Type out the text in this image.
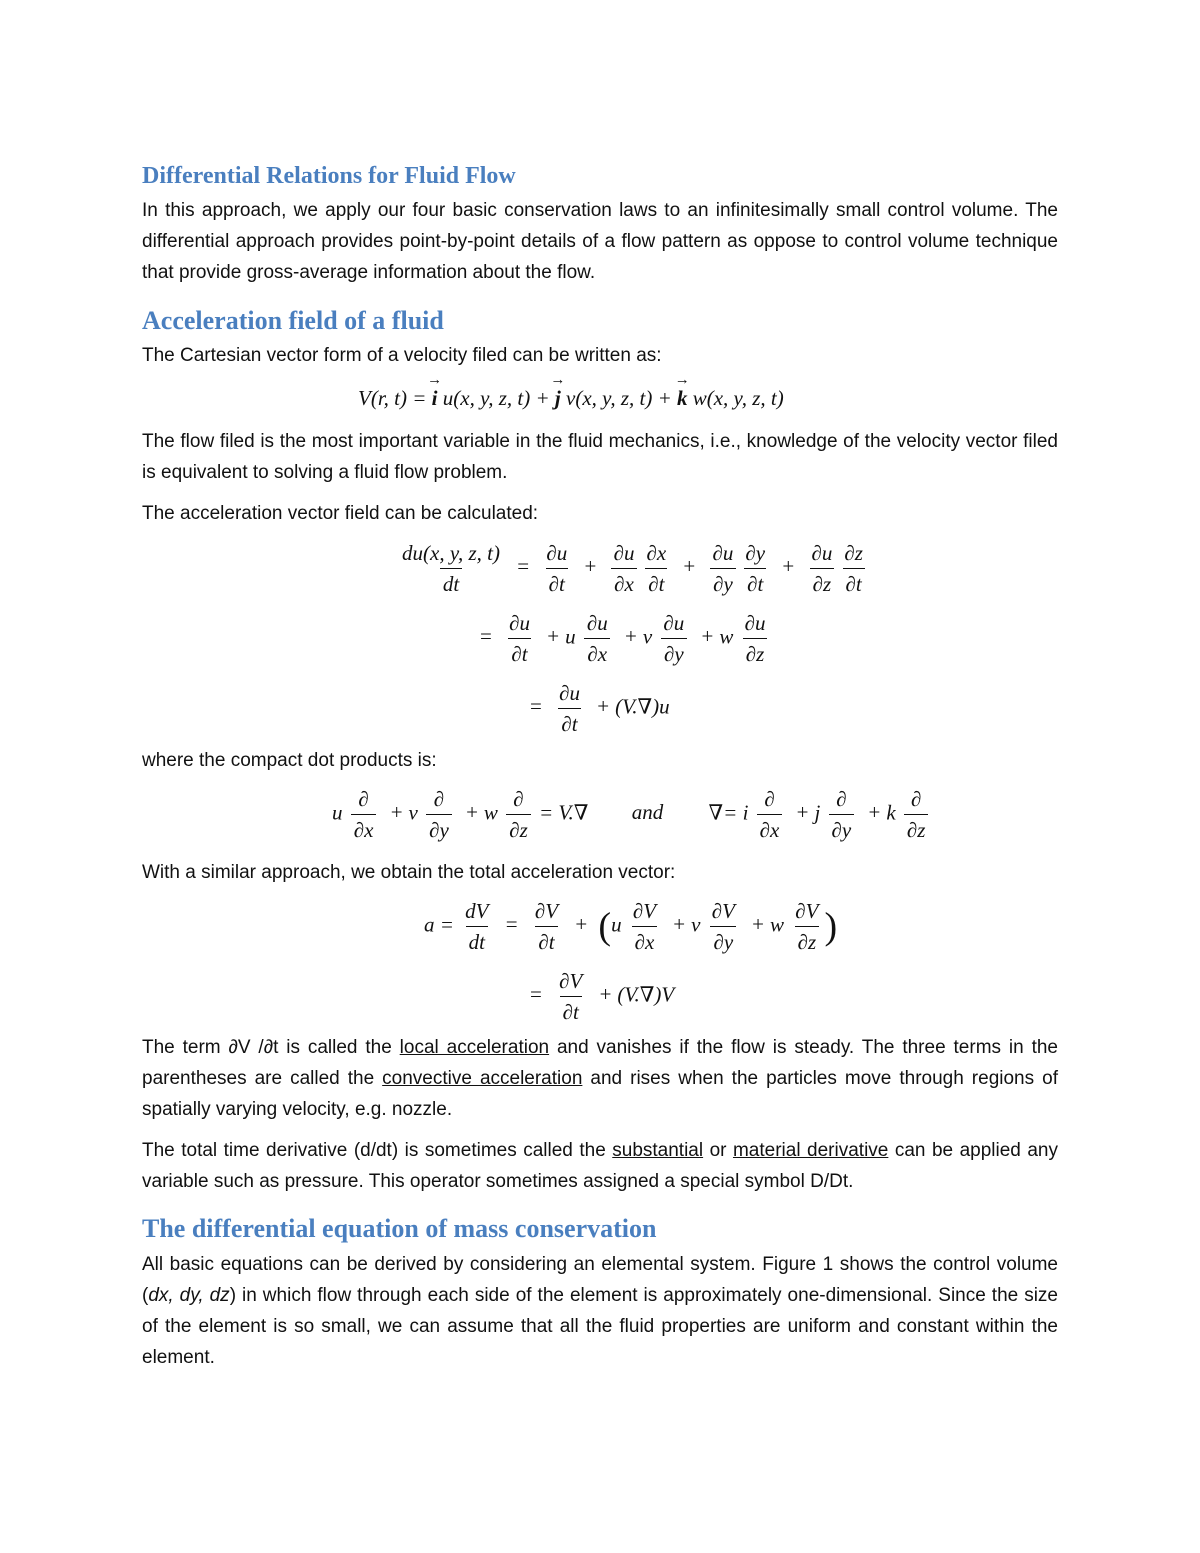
Differential Relations for Fluid Flow

In this approach, we apply our four basic conservation laws to an infinitesimally small control volume. The differential approach provides point-by-point details of a flow pattern as oppose to control volume technique that provide gross-average information about the flow.

Acceleration field of a fluid

The Cartesian vector form of a velocity filed can be written as:

V(r, t) = → i u(x, y, z, t) + → j v(x, y, z, t) + → k w(x, y, z, t)

The flow filed is the most important variable in the fluid mechanics, i.e., knowledge of the velocity vector filed is equivalent to solving a fluid flow problem.

The acceleration vector field can be calculated:

$\frac{du(x, y, z, t)}{dt} = \frac{\partial u}{\partial t} + \frac{\partial u}{\partial x} \frac{\partial x}{\partial t} + \frac{\partial u}{\partial y} \frac{\partial y}{\partial t} + \frac{\partial u}{\partial z} \frac{\partial z}{\partial t}$
= $\frac{\partial u}{\partial t} + u \frac{\partial u}{\partial x} + v \frac{\partial u}{\partial y} + w \frac{\partial u}{\partial z}$
= $\frac{\partial u}{\partial t} + (V.\nabla)u$

where the compact dot products is:

u $\frac{\partial}{\partial x} + v \frac{\partial}{\partial y} + w \frac{\partial}{\partial z} = V.\nabla$ and ∇= i $\frac{\partial}{\partial x} + j \frac{\partial}{\partial y} + k \frac{\partial}{\partial z}$

With a similar approach, we obtain the total acceleration vector:

$a = \frac{dV}{dt} = \frac{\partial V}{\partial t} + (u \frac{\partial V}{\partial x} + v \frac{\partial V}{\partial y} + w \frac{\partial V}{\partial z}$ )
= $\frac{\partial V}{\partial t} + (V.\nabla)V$

The term ∂V /∂t is called the local acceleration and vanishes if the flow is steady. The three terms in the parentheses are called the convective acceleration and rises when the particles move through regions of spatially varying velocity, e.g. nozzle.

The total time derivative (d/dt) is sometimes called the substantial or material derivative can be applied any variable such as pressure. This operator sometimes assigned a special symbol D/Dt.

The differential equation of mass conservation

All basic equations can be derived by considering an elemental system. Figure 1 shows the control volume (dx, dy, dz) in which flow through each side of the element is approximately one-dimensional. Since the size of the element is so small, we can assume that all the fluid properties are uniform and constant within the element.
